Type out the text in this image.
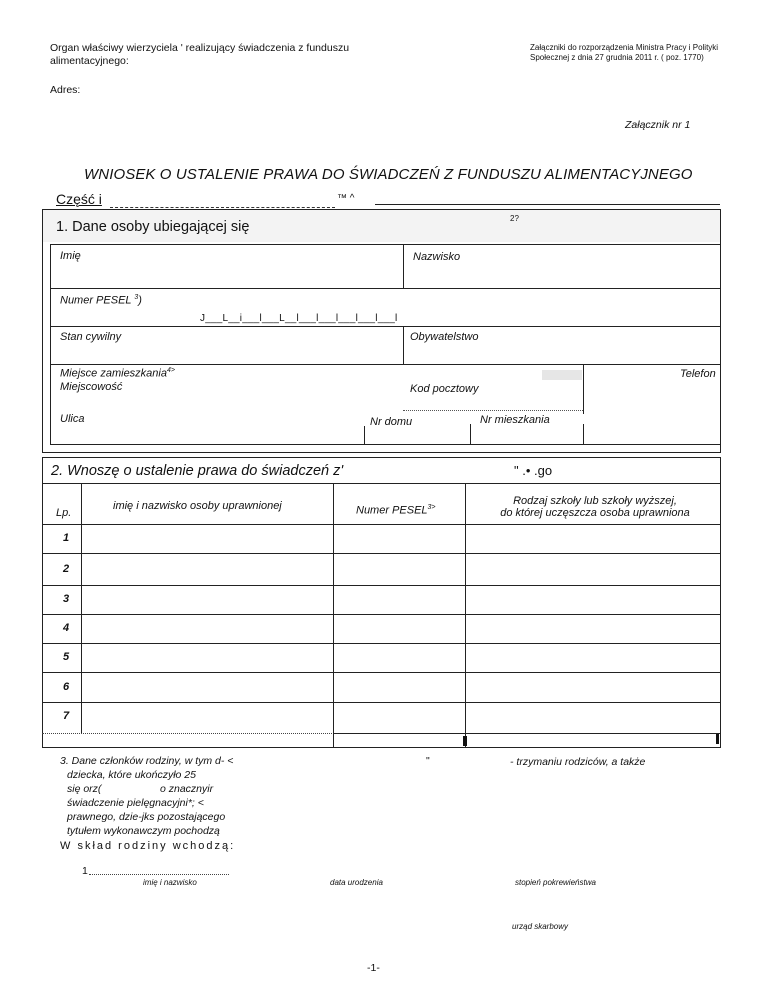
Organ właściwy wierzyciela ' realizujący świadczenia z funduszu
alimentacyjnego:
Załączniki do rozporządzenia Ministra Pracy i Polityki
Społecznej z dnia 27 grudnia 2011 r. ( poz. 1770)
Adres:
Załącznik nr 1
WNIOSEK O USTALENIE PRAWA DO ŚWIADCZEŃ Z FUNDUSZU ALIMENTACYJNEGO
Część i	™ ^
1. Dane osoby ubiegającej się
2?
Imię	Nazwisko
Numer PESEL $^3$)
J___L__i___l___L__l___l___l___l___l___l
Stan cywilny	Obywatelstwo
Miejsce zamieszkania$^{4>}$
Miejscowość	Kod pocztowy
Telefon
Ulica	Nr domu	Nr mieszkania
2. Wnoszę o ustalenie prawa do świadczeń z'	" .• .go
Lp.
imię i nazwisko osoby uprawnionej	Numer $PESEL^{3>}$
Rodzaj szkoły lub szkoły wyższej,
do której uczęszcza osoba uprawniona
1
2
3
4
5
6
7
3. Dane członków rodziny, w tym d- <
dziecka, które ukończyło 25
się orz(	o znacznyir
świadczenie pielęgnacyjni*; <
prawnego, dzie-jks pozostającego
tytułem wykonawczym pochodzą
"	- trzymaniu rodziców, a także
W skład rodziny wchodzą:
1
imię i nazwisko	data urodzenia	stopień pokrewieństwa
urząd skarbowy
-1-
